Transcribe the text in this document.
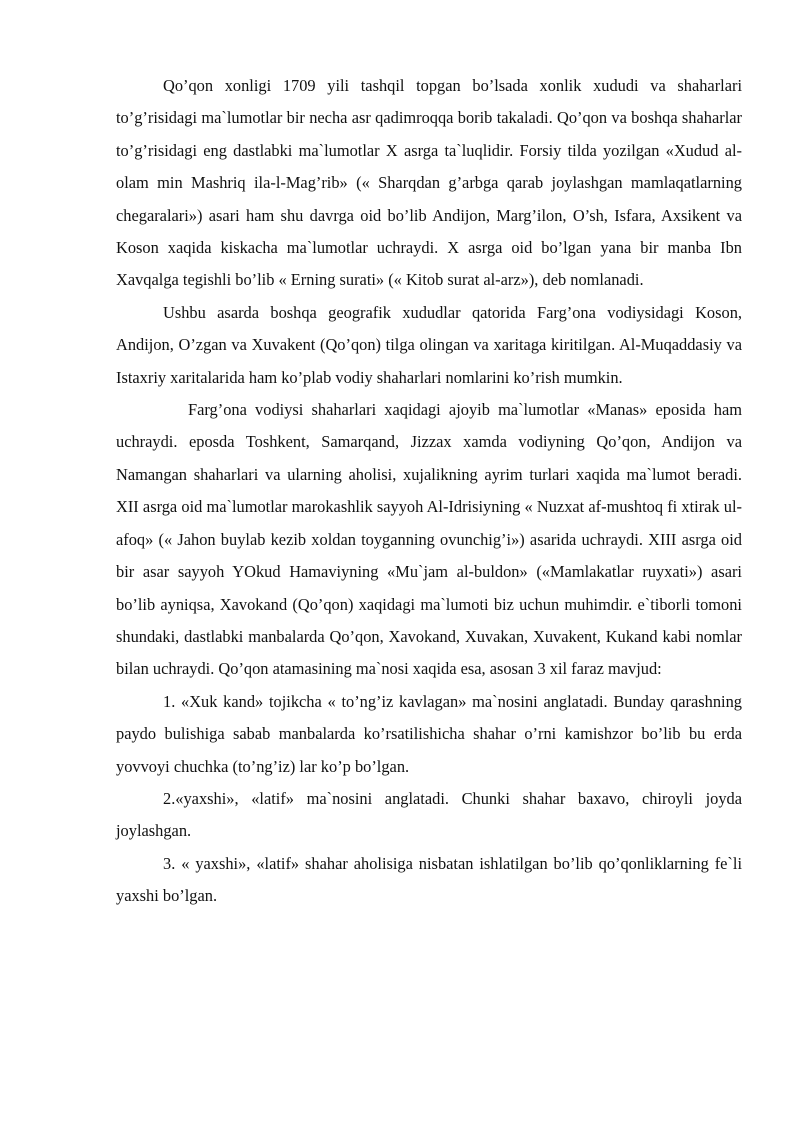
Qo’qon xonligi 1709 yili tashqil topgan bo’lsada xonlik xududi va shaharlari to’g’risidagi ma`lumotlar bir necha asr qadimroqqa borib takaladi. Qo’qon va boshqa shaharlar to’g’risidagi eng dastlabki ma`lumotlar X asrga ta`luqlidir. Forsiy tilda yozilgan «Xudud al-olam min Mashriq ila-l-Mag’rib» (« Sharqdan g’arbga qarab joylashgan mamlaqatlarning chegaralari») asari ham shu davrga oid bo’lib Andijon, Marg’ilon, O’sh, Isfara, Axsikent va Koson xaqida kiskacha ma`lumotlar uchraydi. X asrga oid bo’lgan yana bir manba Ibn Xavqalga tegishli bo’lib « Erning surati» (« Kitob surat al-arz»), deb nomlanadi.

Ushbu asarda boshqa geografik xududlar qatorida Farg’ona vodiysidagi Koson, Andijon, O’zgan va Xuvakent (Qo’qon) tilga olingan va xaritaga kiritilgan. Al-Muqaddasiy va Istaxriy xaritalarida ham ko’plab vodiy shaharlari nomlarini ko’rish mumkin.

Farg’ona vodiysi shaharlari xaqidagi ajoyib ma`lumotlar «Manas» eposida ham uchraydi. eposda Toshkent, Samarqand, Jizzax xamda vodiyning Qo’qon, Andijon va Namangan shaharlari va ularning aholisi, xujalikning ayrim turlari xaqida ma`lumot beradi. XII asrga oid ma`lumotlar marokashlik sayyoh Al-Idrisiyning « Nuzxat af-mushtoq fi xtirak ul-afoq» (« Jahon buylab kezib xoldan toyganning ovunchig’i») asarida uchraydi. XIII asrga oid bir asar sayyoh YOkud Hamaviyning «Mu`jam al-buldon» («Mamlakatlar ruyxati») asari bo’lib ayniqsa, Xavokand (Qo’qon) xaqidagi ma`lumoti biz uchun muhimdir. e`tiborli tomoni shundaki, dastlabki manbalarda Qo’qon, Xavokand, Xuvakan, Xuvakent, Kukand kabi nomlar bilan uchraydi. Qo’qon atamasining ma`nosi xaqida esa, asosan 3 xil faraz mavjud:

1. «Xuk kand» tojikcha « to’ng’iz kavlagan» ma`nosini anglatadi. Bunday qarashning paydo bulishiga sabab manbalarda ko’rsatilishicha shahar o’rni kamishzor bo’lib bu erda yovvoyi chuchka (to’ng’iz) lar ko’p bo’lgan.

2.«yaxshi», «latif» ma`nosini anglatadi. Chunki shahar baxavo, chiroyli joyda joylashgan.

3. « yaxshi», «latif» shahar aholisiga nisbatan ishlatilgan bo’lib qo’qonliklarning fe`li yaxshi bo’lgan.
